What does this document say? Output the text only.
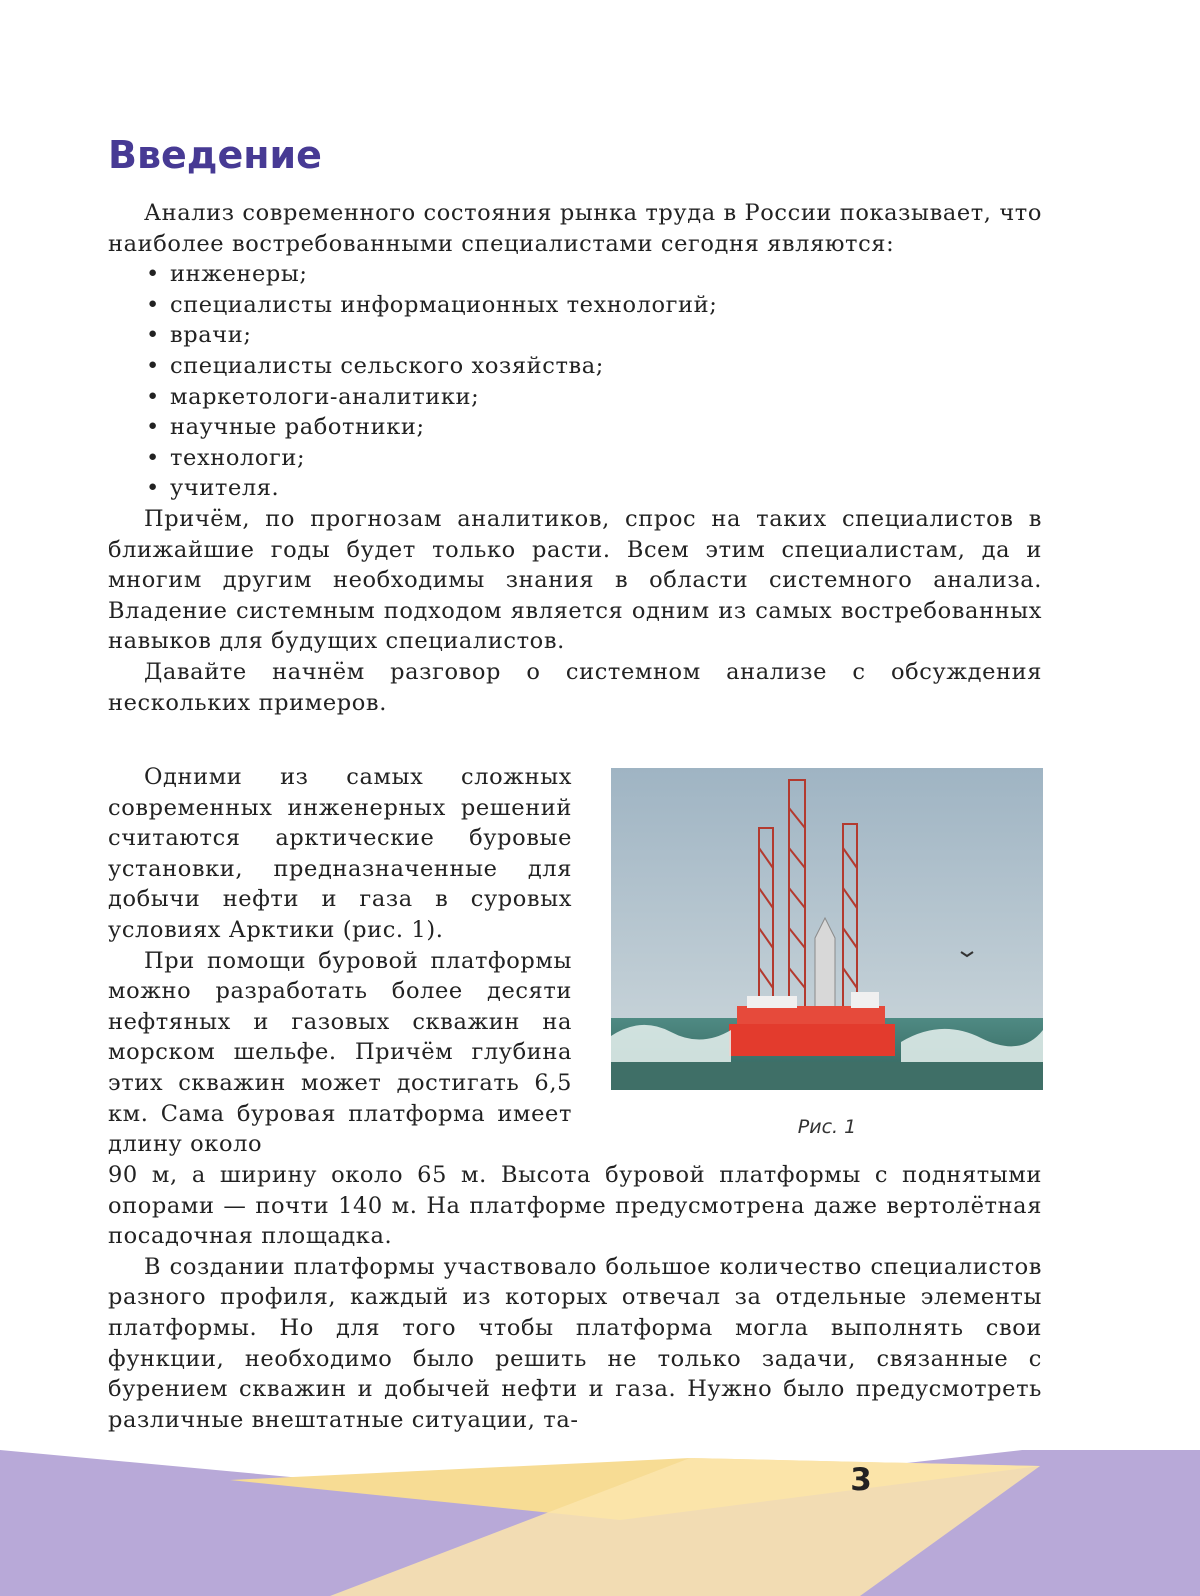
Введение

Анализ современного состояния рынка труда в России показывает, что наиболее востребованными специалистами сегодня являются:

• инженеры;
• специалисты информационных технологий;
• врачи;
• специалисты сельского хозяйства;
• маркетологи-аналитики;
• научные работники;
• технологи;
• учителя.

Причём, по прогнозам аналитиков, спрос на таких специалистов в ближайшие годы будет только расти. Всем этим специалистам, да и многим другим необходимы знания в области системного анализа. Владение системным подходом является одним из самых востребованных навыков для будущих специалистов.

Давайте начнём разговор о системном анализе с обсуждения нескольких примеров.

Одними из самых сложных современных инженерных решений считаются арктические буровые установки, предназначенные для добычи нефти и газа в суровых условиях Арктики (рис. 1).

При помощи буровой платформы можно разработать более десяти нефтяных и газовых скважин на морском шельфе. Причём глубина этих скважин может достигать 6,5 км. Сама буровая платформа имеет длину около

Рис. 1

90 м, а ширину около 65 м. Высота буровой платформы с поднятыми опорами — почти 140 м. На платформе предусмотрена даже вертолётная посадочная площадка.

В создании платформы участвовало большое количество специалистов разного профиля, каждый из которых отвечал за отдельные элементы платформы. Но для того чтобы платформа могла выполнять свои функции, необходимо было решить не только задачи, связанные с бурением скважин и добычей нефти и газа. Нужно было предусмотреть различные внештатные ситуации, та-

3
